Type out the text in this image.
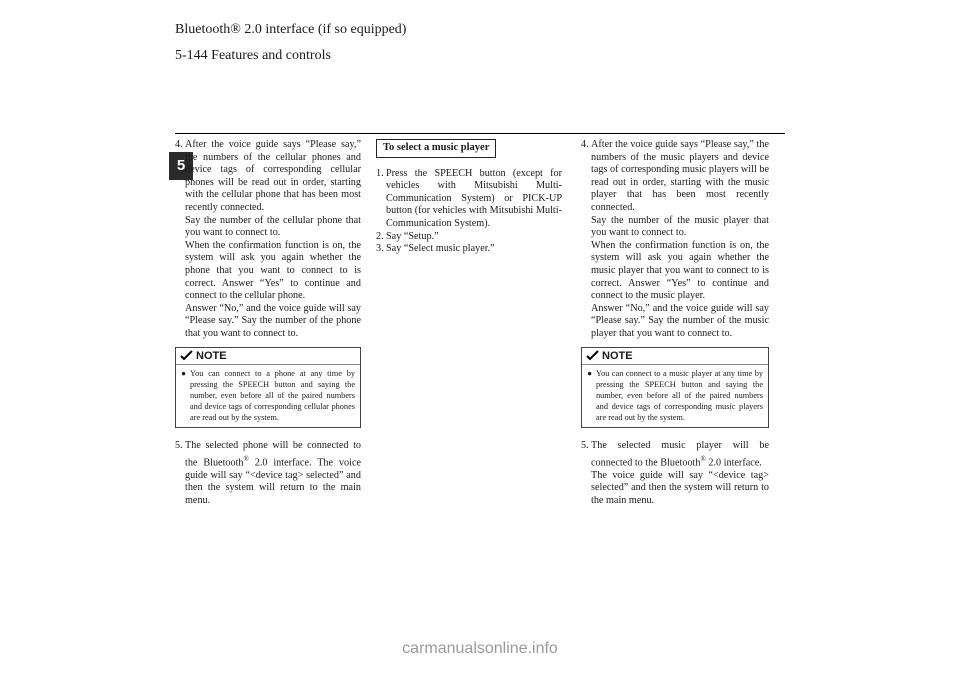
Bluetooth® 2.0 interface (if so equipped)
5-144 Features and controls
5
4. After the voice guide says “Please say,” the numbers of the cellular phones and device tags of corresponding cellular phones will be read out in order, starting with the cellular phone that has been most recently connected.

Say the number of the cellular phone that you want to connect to.

When the confirmation function is on, the system will ask you again whether the phone that you want to connect to is correct. Answer “Yes” to continue and connect to the cellular phone.

Answer “No,” and the voice guide will say “Please say.” Say the number of the phone that you want to connect to.

NOTE
● You can connect to a phone at any time by pressing the SPEECH button and saying the number, even before all of the paired numbers and device tags of corresponding cellular phones are read out by the system.
5. The selected phone will be connected to the Bluetooth® 2.0 interface. The voice guide will say “<device tag> selected” and then the system will return to the main menu.

To select a music player
1. Press the SPEECH button (except for vehicles with Mitsubishi Multi-Communication System) or PICK-UP button (for vehicles with Mitsubishi Multi-Communication System).

2. Say “Setup.”

3. Say “Select music player.”

4. After the voice guide says “Please say,” the numbers of the music players and device tags of corresponding music players will be read out in order, starting with the music player that has been most recently connected.

Say the number of the music player that you want to connect to.

When the confirmation function is on, the system will ask you again whether the music player that you want to connect to is correct. Answer “Yes” to continue and connect to the music player.

Answer “No,” and the voice guide will say “Please say.” Say the number of the music player that you want to connect to.

NOTE
● You can connect to a music player at any time by pressing the SPEECH button and saying the number, even before all of the paired numbers and device tags of corresponding music players are read out by the system.
5. The selected music player will be connected to the Bluetooth® 2.0 interface.

The voice guide will say “<device tag> selected” and then the system will return to the main menu.

carmanualsonline.info
